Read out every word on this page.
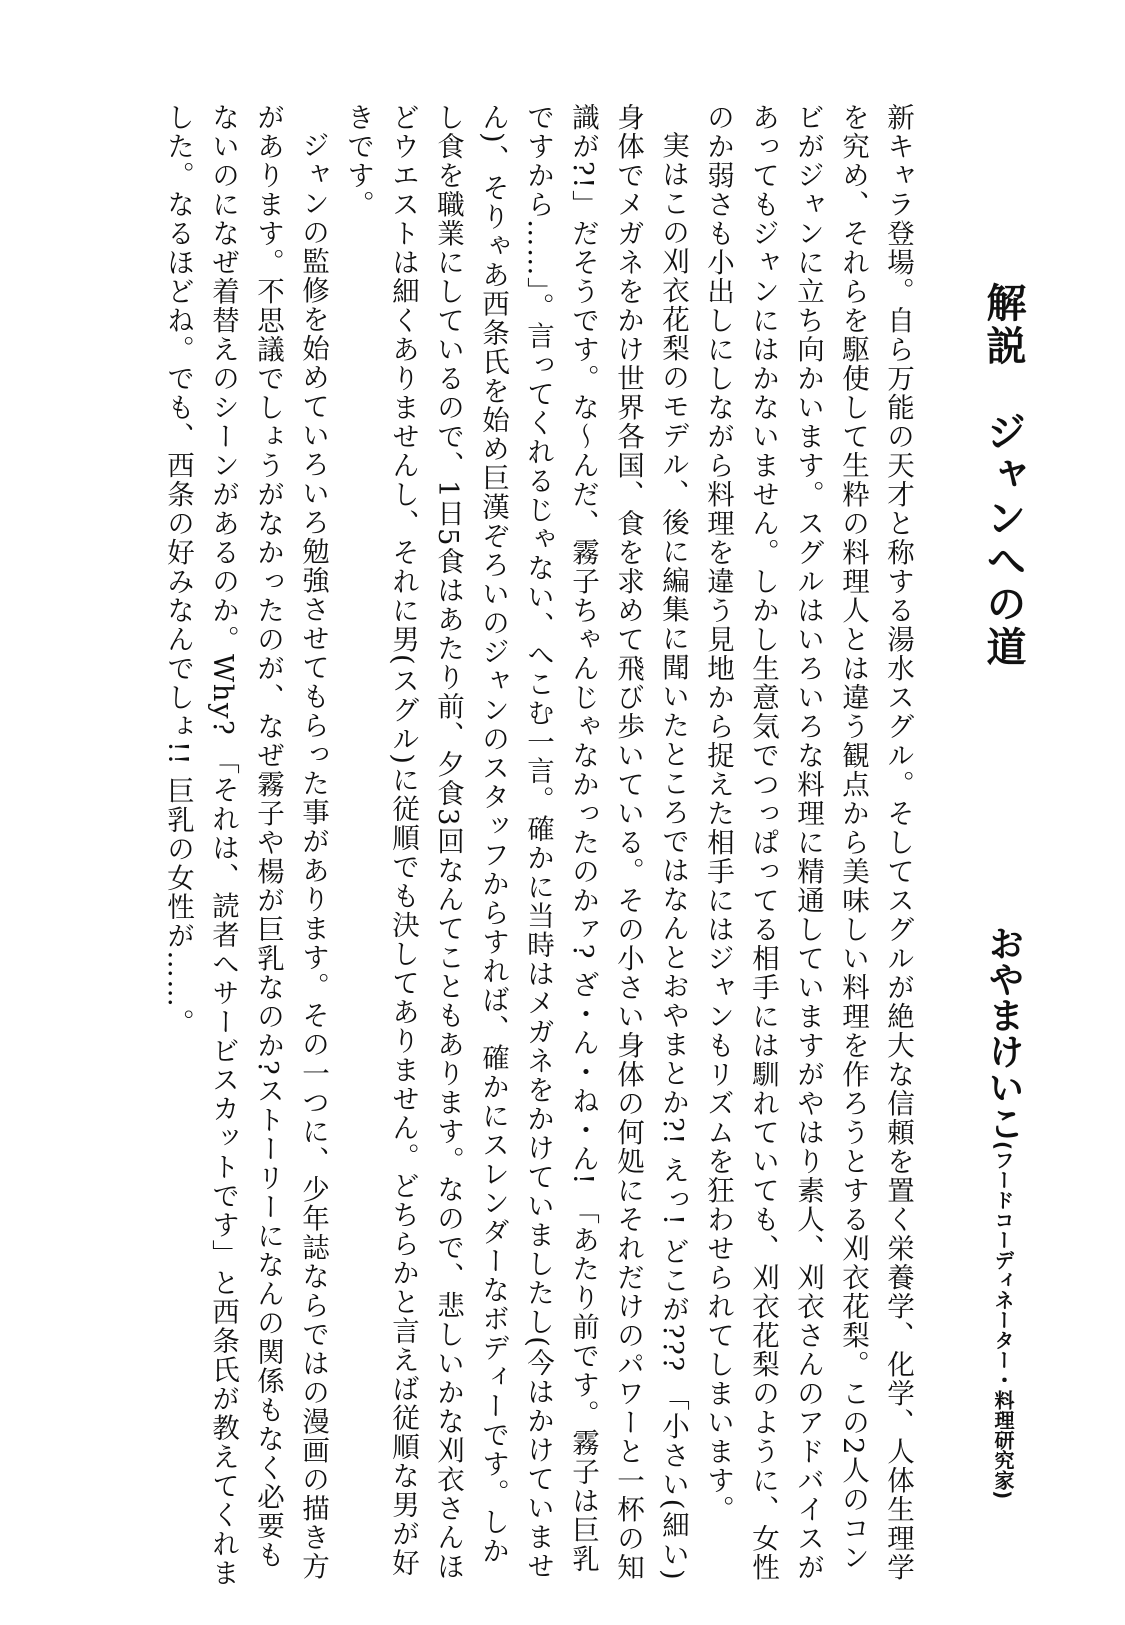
解説　ジャンへの道
おやまけいこ(フードコーディネーター・料理研究家)

新キャラ登場。自ら万能の天才と称する湯水スグル。そしてスグルが絶大な信頼を置く栄養学、化学、人体生理学を究め、それらを駆使して生粋の料理人とは違う観点から美味しい料理を作ろうとする刈衣花梨。この2人のコンビがジャンに立ち向かいます。スグルはいろいろな料理に精通していますがやはり素人、刈衣さんのアドバイスがあってもジャンにはかないません。しかし生意気でつっぱってる相手には馴れていても、刈衣花梨のように、女性のか弱さも小出しにしながら料理を違う見地から捉えた相手にはジャンもリズムを狂わせられてしまいます。

実はこの刈衣花梨のモデル、後に編集に聞いたところではなんとおやまとか?! えっ! どこが??? 「小さい(細い)身体でメガネをかけ世界各国、食を求めて飛び歩いている。その小さい身体の何処にそれだけのパワーと一杯の知識が?!」だそうです。な～んだ、霧子ちゃんじゃなかったのかァ? ざ・ん・ね・ん! 「あたり前です。霧子は巨乳ですから……」。言ってくれるじゃない、へこむ一言。確かに当時はメガネをかけていましたし(今はかけていません)、そりゃあ西条氏を始め巨漢ぞろいのジャンのスタッフからすれば、確かにスレンダーなボディーです。しかし食を職業にしているので、1日5食はあたり前、夕食3回なんてこともあります。なので、悲しいかな刈衣さんほどウエストは細くありませんし、それに男(スグル)に従順でも決してありません。どちらかと言えば従順な男が好きです。

ジャンの監修を始めていろいろ勉強させてもらった事があります。その一つに、少年誌ならではの漫画の描き方があります。不思議でしょうがなかったのが、なぜ霧子や楊が巨乳なのか?ストーリーになんの関係もなく必要もないのになぜ着替えのシーンがあるのか。Why? 「それは、読者へサービスカットです」と西条氏が教えてくれました。なるほどね。でも、西条の好みなんでしょ!! 巨乳の女性が……。
